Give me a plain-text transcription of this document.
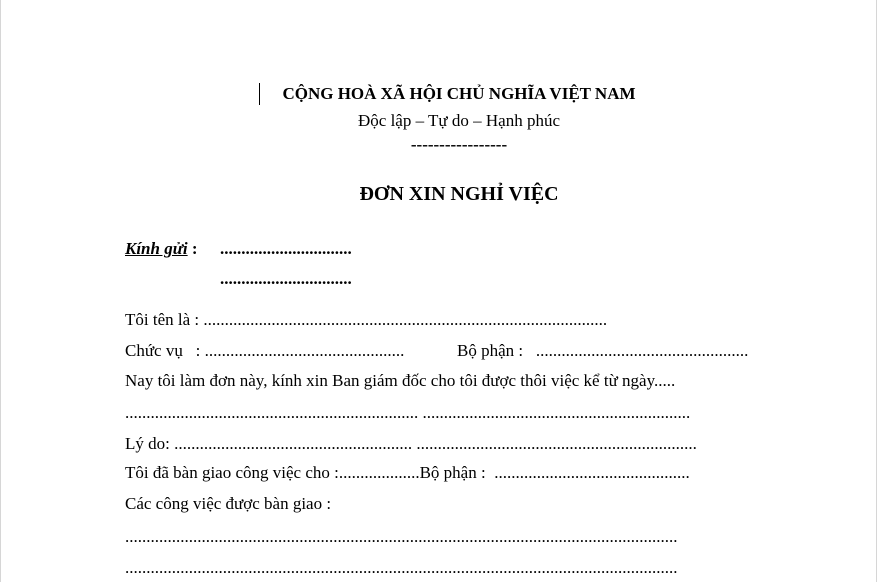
CỘNG HOÀ XÃ HỘI CHỦ NGHĨA VIỆT NAM
Độc lập – Tự do – Hạnh phúc
-----------------
ĐƠN XIN NGHỈ VIỆC
Kính gửi : ...............................
...............................
Tôi tên là : ...............................................................................................
Chức vụ   : ...............................................	Bộ phận :   ..................................................
Nay tôi làm đơn này, kính xin Ban giám đốc cho tôi được thôi việc kể từ ngày.....
..................................................................... ...............................................................
Lý do: ........................................................ ..................................................................
Tôi đã bàn giao công việc cho :...................Bộ phận :  ..............................................
Các công việc được bàn giao :
..................................................................................................................................
..................................................................................................................................
